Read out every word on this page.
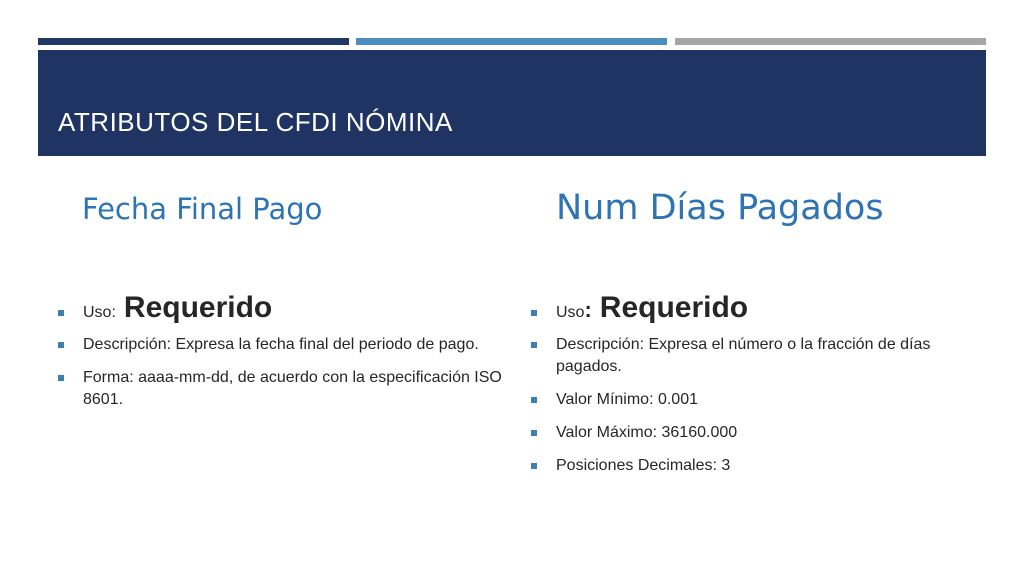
ATRIBUTOS DEL CFDI NÓMINA
Fecha Final Pago	Num Días Pagados
Uso: Requerido
Descripción: Expresa la fecha final del periodo de pago.
Forma: aaaa-mm-dd, de acuerdo con la especificación ISO 8601.
Uso : Requerido
Descripción: Expresa el número o la fracción de días pagados.
Valor Mínimo: 0.001
Valor Máximo: 36160.000
Posiciones Decimales: 3
